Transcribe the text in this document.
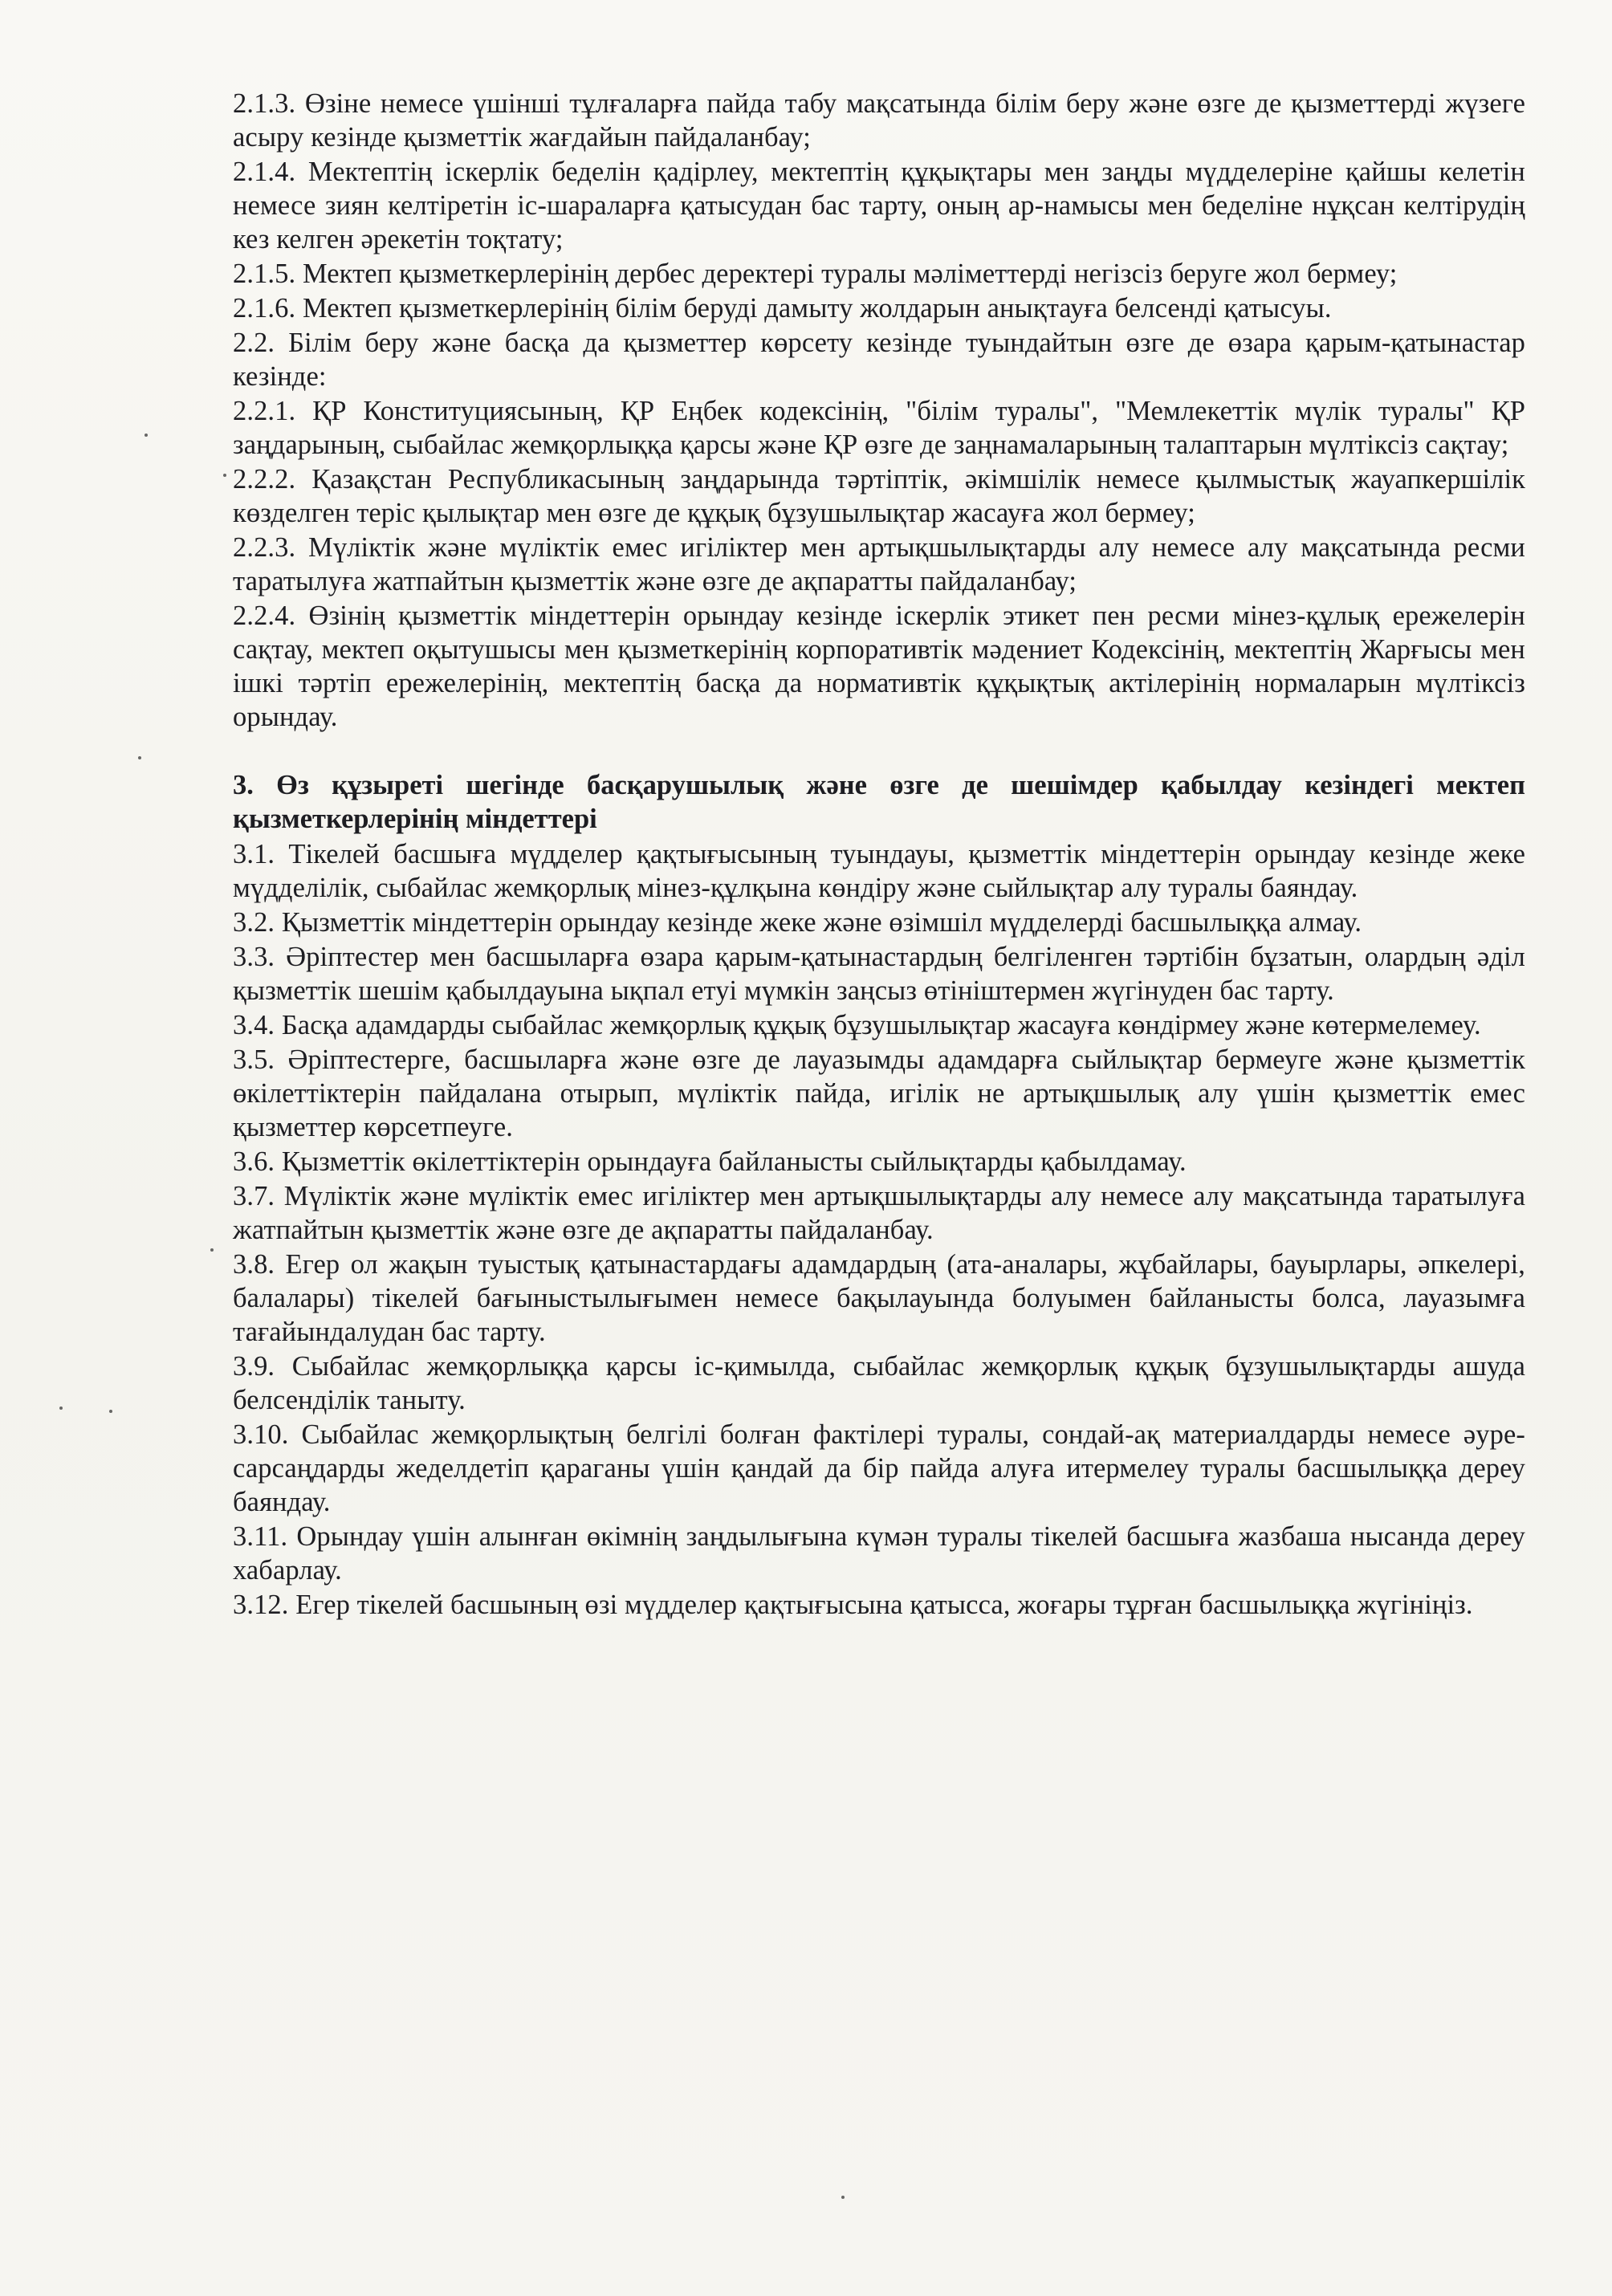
2.1.3. Өзіне немесе үшінші тұлғаларға пайда табу мақсатында білім беру және өзге де қызметтерді жүзеге асыру кезінде қызметтік жағдайын пайдаланбау;

2.1.4. Мектептің іскерлік беделін қадірлеу, мектептің құқықтары мен заңды мүдделеріне қайшы келетін немесе зиян келтіретін іс-шараларға қатысудан бас тарту, оның ар-намысы мен беделіне нұқсан келтірудің кез келген әрекетін тоқтату;

2.1.5. Мектеп қызметкерлерінің дербес деректері туралы мәліметтерді негізсіз беруге жол бермеу;

2.1.6. Мектеп қызметкерлерінің білім беруді дамыту жолдарын анықтауға белсенді қатысуы.

2.2. Білім беру және басқа да қызметтер көрсету кезінде туындайтын өзге де өзара қарым-қатынастар кезінде:

2.2.1. ҚР Конституциясының, ҚР Еңбек кодексінің, "білім туралы", "Мемлекеттік мүлік туралы" ҚР заңдарының, сыбайлас жемқорлыққа қарсы және ҚР өзге де заңнамаларының талаптарын мүлтіксіз сақтау;

2.2.2. Қазақстан Республикасының заңдарында тәртіптік, әкімшілік немесе қылмыстық жауапкершілік көзделген теріс қылықтар мен өзге де құқық бұзушылықтар жасауға жол бермеу;

2.2.3. Мүліктік және мүліктік емес игіліктер мен артықшылықтарды алу немесе алу мақсатында ресми таратылуға жатпайтын қызметтік және өзге де ақпаратты пайдаланбау;

2.2.4. Өзінің қызметтік міндеттерін орындау кезінде іскерлік этикет пен ресми мінез-құлық ережелерін сақтау, мектеп оқытушысы мен қызметкерінің корпоративтік мәдениет Кодексінің, мектептің Жарғысы мен ішкі тәртіп ережелерінің, мектептің басқа да нормативтік құқықтық актілерінің нормаларын мүлтіксіз орындау.

3. Өз құзыреті шегінде басқарушылық және өзге де шешімдер қабылдау кезіндегі мектеп қызметкерлерінің міндеттері

3.1. Тікелей басшыға мүдделер қақтығысының туындауы, қызметтік міндеттерін орындау кезінде жеке мүдделілік, сыбайлас жемқорлық мінез-құлқына көндіру және сыйлықтар алу туралы баяндау.

3.2. Қызметтік міндеттерін орындау кезінде жеке және өзімшіл мүдделерді басшылыққа алмау.

3.3. Әріптестер мен басшыларға өзара қарым-қатынастардың белгіленген тәртібін бұзатын, олардың әділ қызметтік шешім қабылдауына ықпал етуі мүмкін заңсыз өтініштермен жүгінуден бас тарту.

3.4. Басқа адамдарды сыбайлас жемқорлық құқық бұзушылықтар жасауға көндірмеу және көтермелемеу.

3.5. Әріптестерге, басшыларға және өзге де лауазымды адамдарға сыйлықтар бермеуге және қызметтік өкілеттіктерін пайдалана отырып, мүліктік пайда, игілік не артықшылық алу үшін қызметтік емес қызметтер көрсетпеуге.

3.6. Қызметтік өкілеттіктерін орындауға байланысты сыйлықтарды қабылдамау.

3.7. Мүліктік және мүліктік емес игіліктер мен артықшылықтарды алу немесе алу мақсатында таратылуға жатпайтын қызметтік және өзге де ақпаратты пайдаланбау.

3.8. Егер ол жақын туыстық қатынастардағы адамдардың (ата-аналары, жұбайлары, бауырлары, әпкелері, балалары) тікелей бағыныстылығымен немесе бақылауында болуымен байланысты болса, лауазымға тағайындалудан бас тарту.

3.9. Сыбайлас жемқорлыққа қарсы іс-қимылда, сыбайлас жемқорлық құқық бұзушылықтарды ашуда белсенділік таныту.

3.10. Сыбайлас жемқорлықтың белгілі болған фактілері туралы, сондай-ақ материалдарды немесе әуре-сарсаңдарды жеделдетіп қараганы үшін қандай да бір пайда алуға итермелеу туралы басшылыққа дереу баяндау.

3.11. Орындау үшін алынған өкімнің заңдылығына күмән туралы тікелей басшыға жазбаша нысанда дереу хабарлау.

3.12. Егер тікелей басшының өзі мүдделер қақтығысына қатысса, жоғары тұрған басшылыққа жүгініңіз.
